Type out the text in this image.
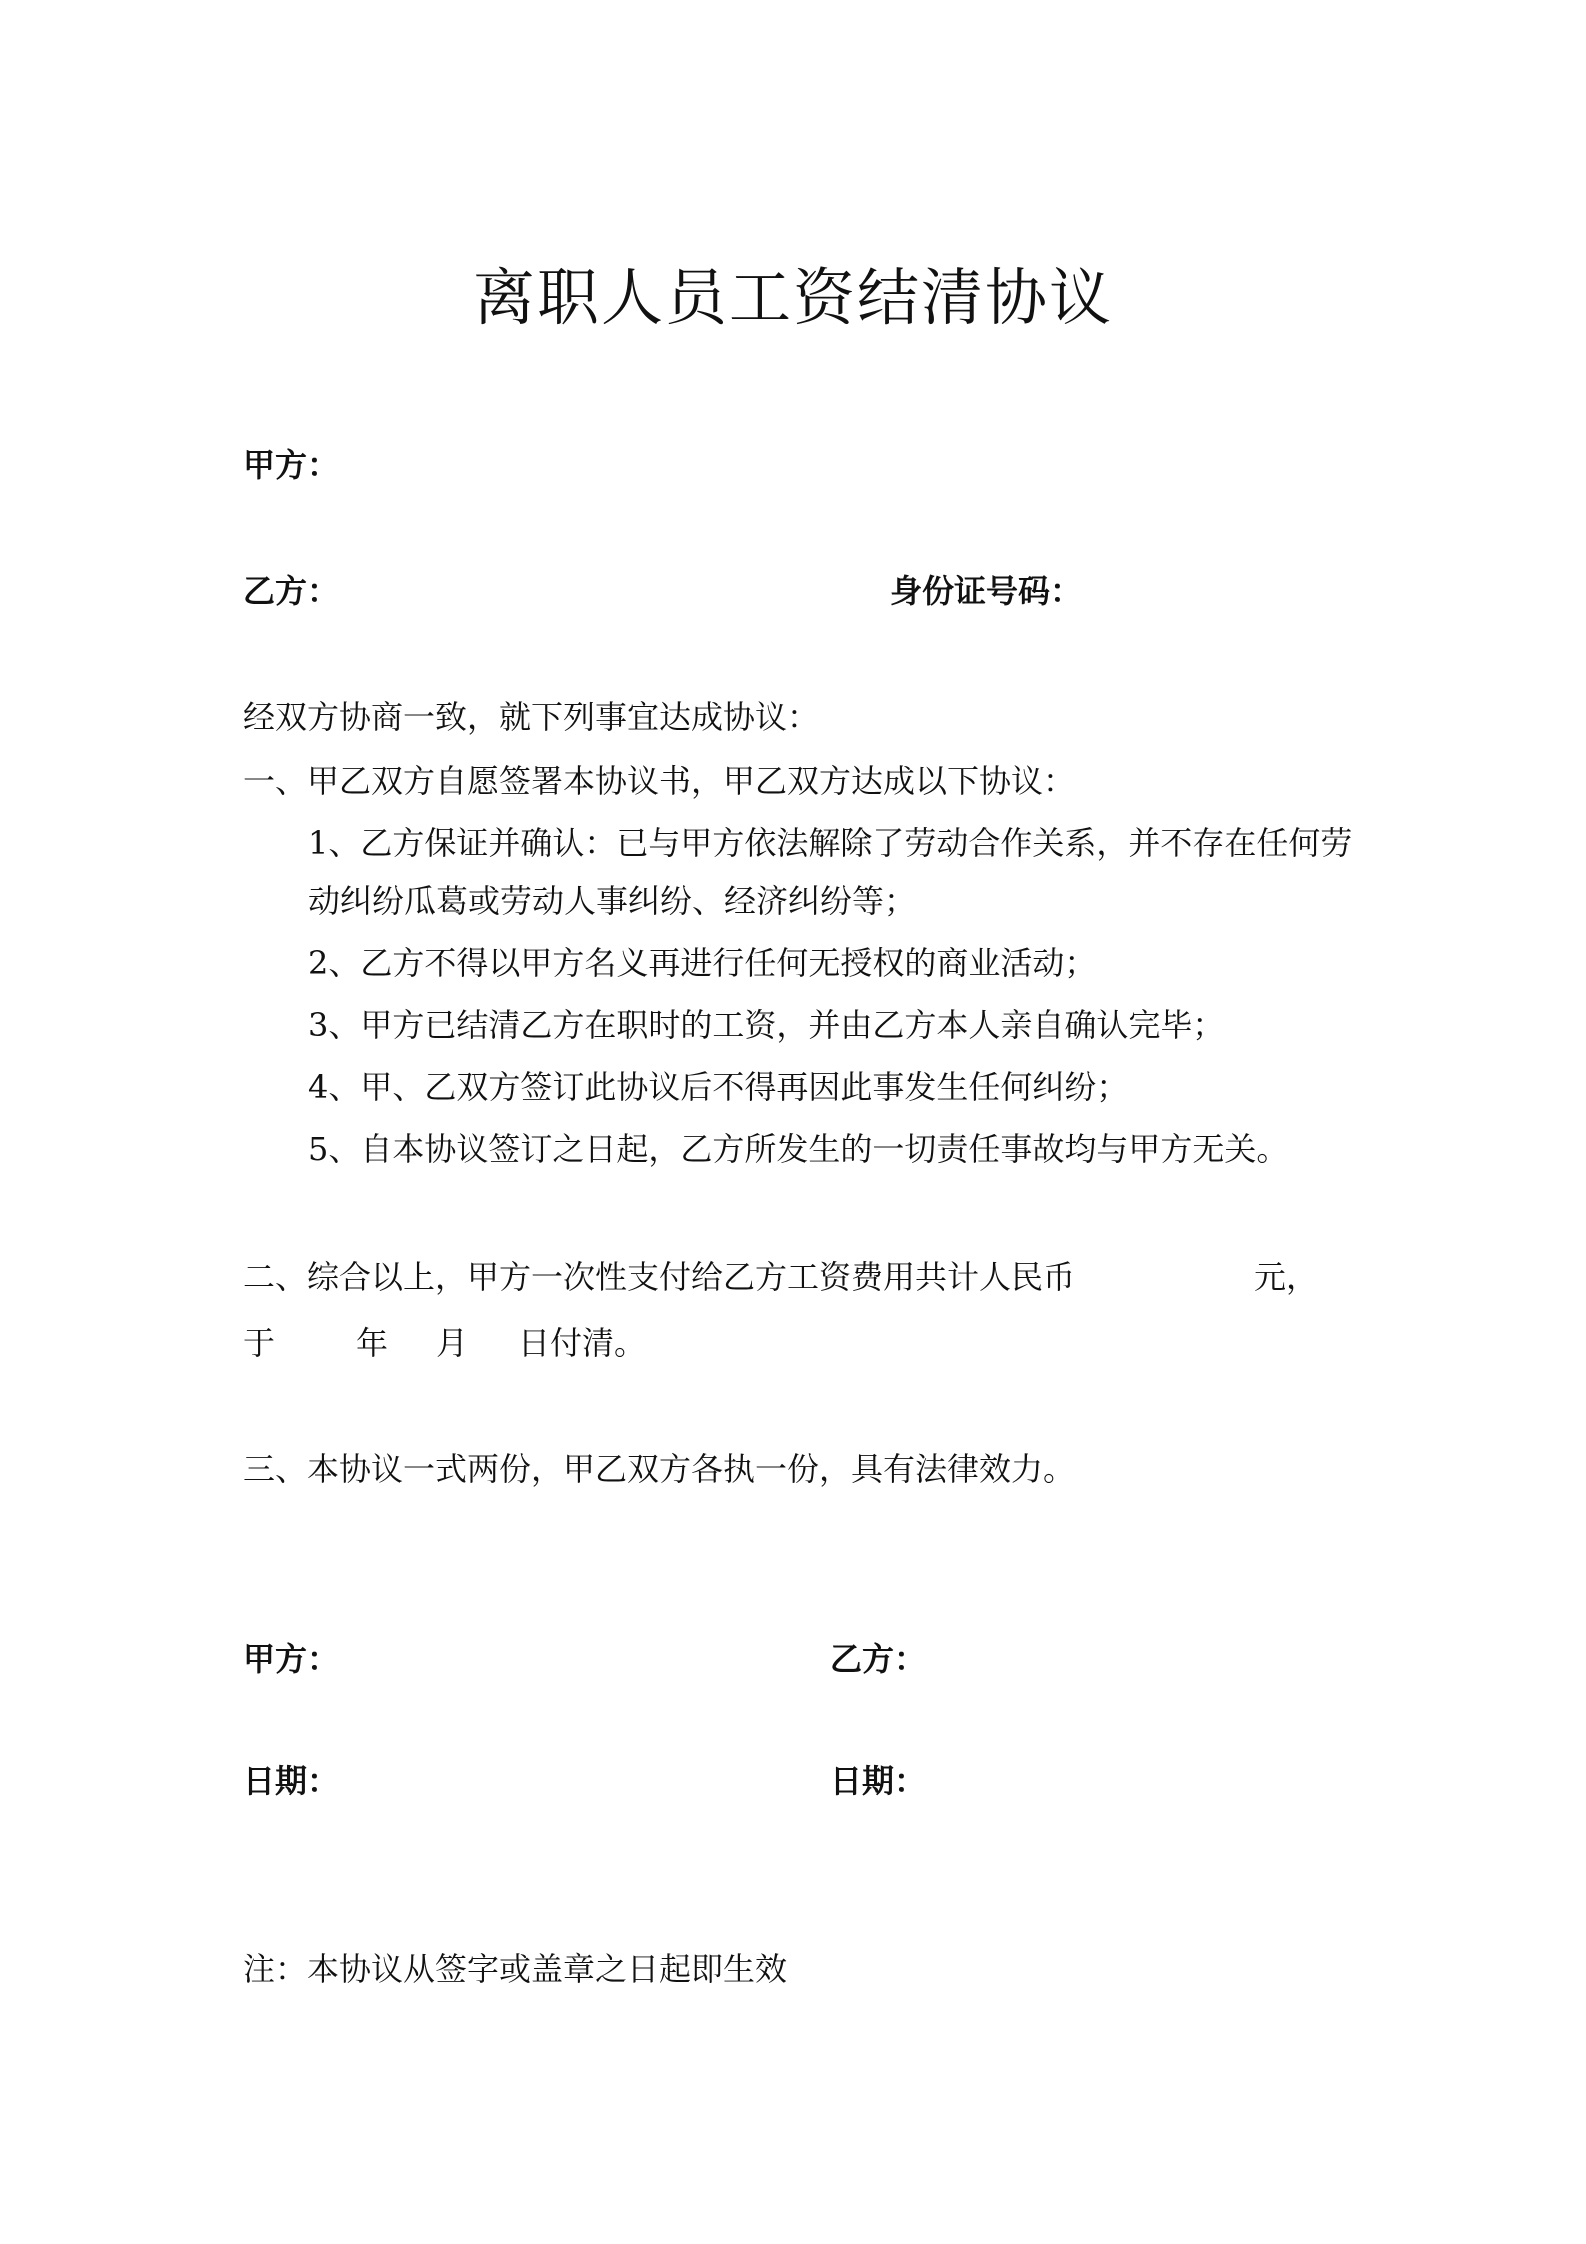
离职人员工资结清协议
甲方：
乙方：	身份证号码：
经双方协商一致，就下列事宜达成协议：
一、甲乙双方自愿签署本协议书，甲乙双方达成以下协议：
1、乙方保证并确认：已与甲方依法解除了劳动合作关系，并不存在任何劳
动纠纷瓜葛或劳动人事纠纷、经济纠纷等；
2、乙方不得以甲方名义再进行任何无授权的商业活动；
3、甲方已结清乙方在职时的工资，并由乙方本人亲自确认完毕；
4、甲、乙双方签订此协议后不得再因此事发生任何纠纷；
5、自本协议签订之日起，乙方所发生的一切责任事故均与甲方无关。
二、综合以上，甲方一次性支付给乙方工资费用共计人民币	元，
于	年 月 日付清。
三、本协议一式两份，甲乙双方各执一份，具有法律效力。
甲方：	乙方：
日期：	日期：
注：本协议从签字或盖章之日起即生效
